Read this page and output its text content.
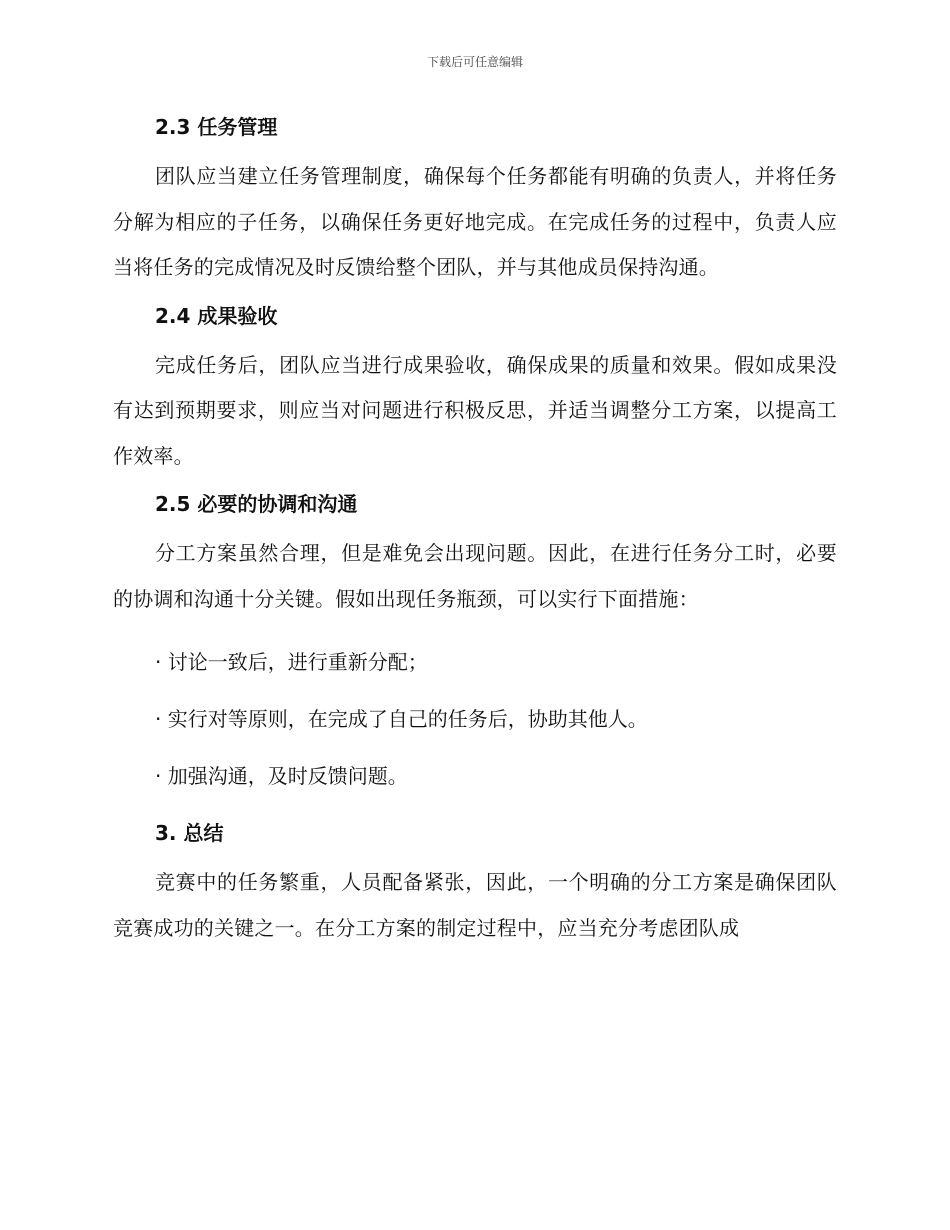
下载后可任意编辑
2.3 任务管理

团队应当建立任务管理制度，确保每个任务都能有明确的负责人，并将任务分解为相应的子任务，以确保任务更好地完成。在完成任务的过程中，负责人应当将任务的完成情况及时反馈给整个团队，并与其他成员保持沟通。

2.4 成果验收

完成任务后，团队应当进行成果验收，确保成果的质量和效果。假如成果没有达到预期要求，则应当对问题进行积极反思，并适当调整分工方案，以提高工作效率。

2.5 必要的协调和沟通

分工方案虽然合理，但是难免会出现问题。因此，在进行任务分工时，必要的协调和沟通十分关键。假如出现任务瓶颈，可以实行下面措施：

· 讨论一致后，进行重新分配；

· 实行对等原则，在完成了自己的任务后，协助其他人。

· 加强沟通，及时反馈问题。

3. 总结

竞赛中的任务繁重，人员配备紧张，因此，一个明确的分工方案是确保团队竞赛成功的关键之一。在分工方案的制定过程中，应当充分考虑团队成
